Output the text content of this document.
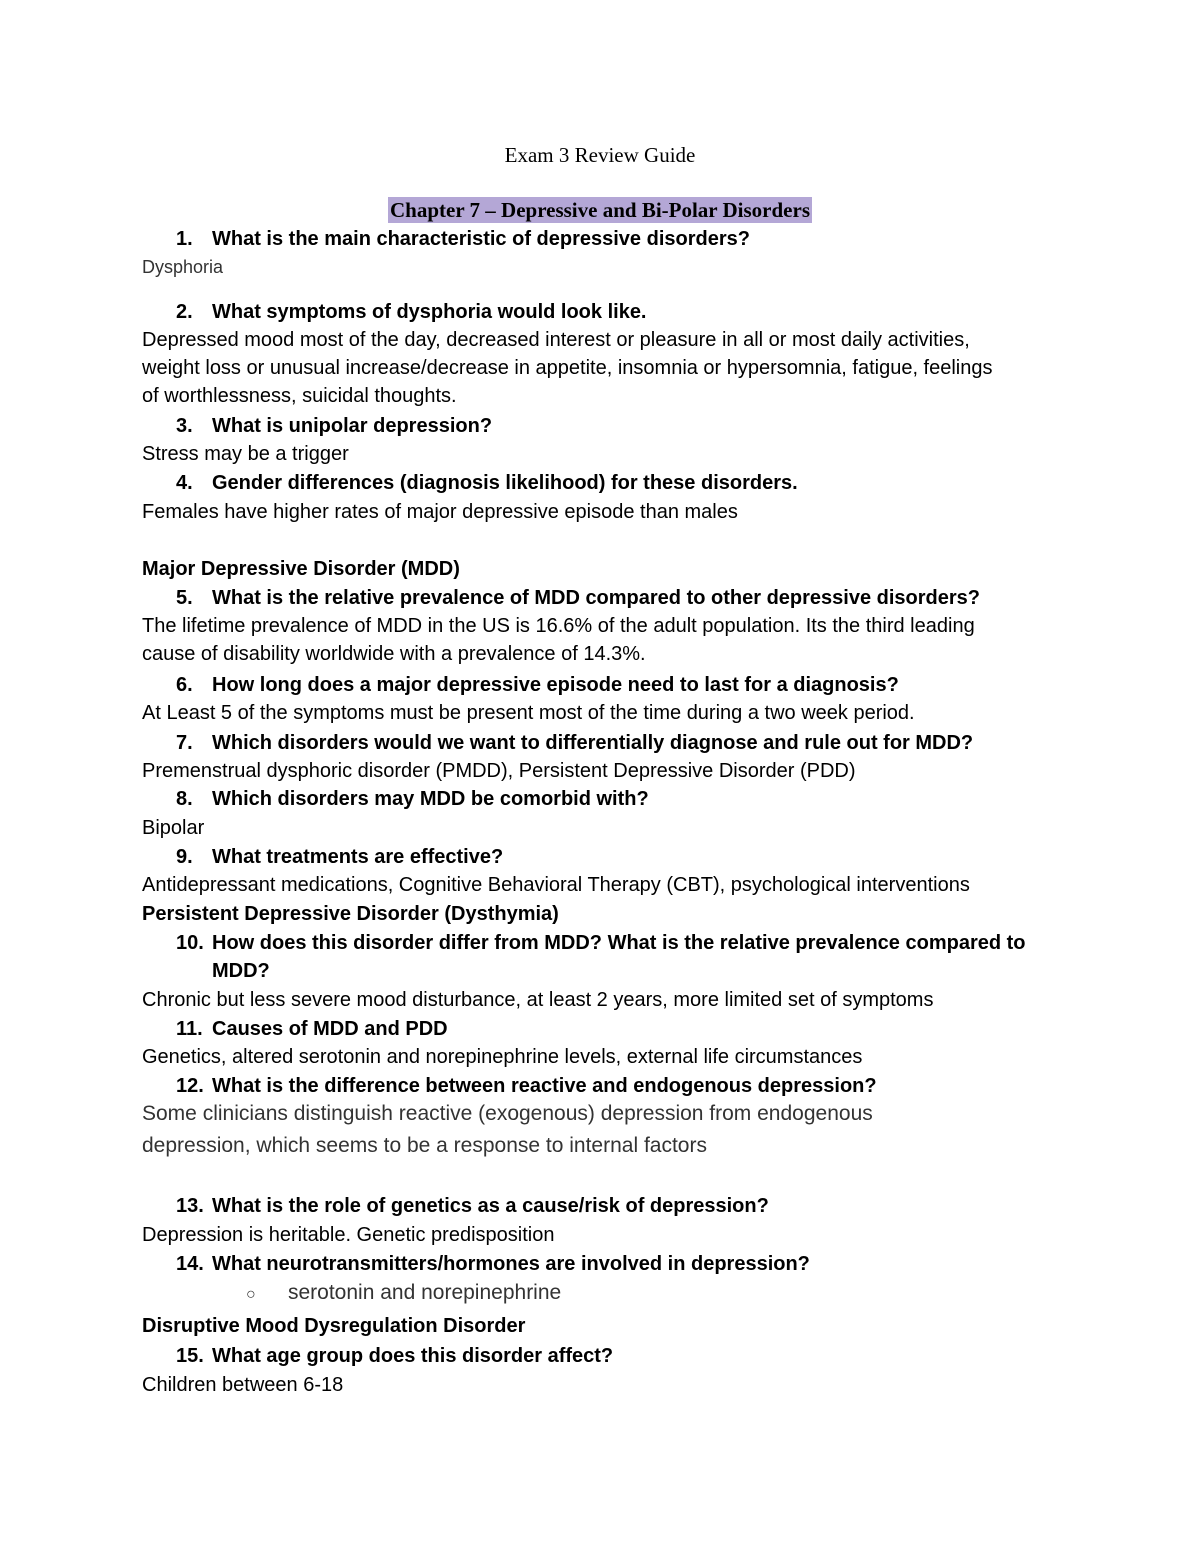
Exam 3 Review Guide
Chapter 7 – Depressive and Bi-Polar Disorders
1. What is the main characteristic of depressive disorders?
Dysphoria
2. What symptoms of dysphoria would look like.
Depressed mood most of the day, decreased interest or pleasure in all or most daily activities,
weight loss or unusual increase/decrease in appetite, insomnia or hypersomnia, fatigue, feelings
of worthlessness, suicidal thoughts.
3. What is unipolar depression?
Stress may be a trigger
4. Gender differences (diagnosis likelihood) for these disorders.
Females have higher rates of major depressive episode than males
Major Depressive Disorder (MDD)
5. What is the relative prevalence of MDD compared to other depressive disorders?
The lifetime prevalence of MDD in the US is 16.6% of the adult population. Its the third leading
cause of disability worldwide with a prevalence of 14.3%.
6. How long does a major depressive episode need to last for a diagnosis?
At Least 5 of the symptoms must be present most of the time during a two week period.
7. Which disorders would we want to differentially diagnose and rule out for MDD?
Premenstrual dysphoric disorder (PMDD), Persistent Depressive Disorder (PDD)
8. Which disorders may MDD be comorbid with?
Bipolar
9. What treatments are effective?
Antidepressant medications, Cognitive Behavioral Therapy (CBT), psychological interventions
Persistent Depressive Disorder (Dysthymia)
10. How does this disorder differ from MDD? What is the relative prevalence compared to
MDD?
Chronic but less severe mood disturbance, at least 2 years, more limited set of symptoms
11. Causes of MDD and PDD
Genetics, altered serotonin and norepinephrine levels, external life circumstances
12. What is the difference between reactive and endogenous depression?
Some clinicians distinguish reactive (exogenous) depression from endogenous
depression, which seems to be a response to internal factors
13. What is the role of genetics as a cause/risk of depression?
Depression is heritable. Genetic predisposition
14. What neurotransmitters/hormones are involved in depression?
○ serotonin and norepinephrine
Disruptive Mood Dysregulation Disorder
15. What age group does this disorder affect?
Children between 6-18
